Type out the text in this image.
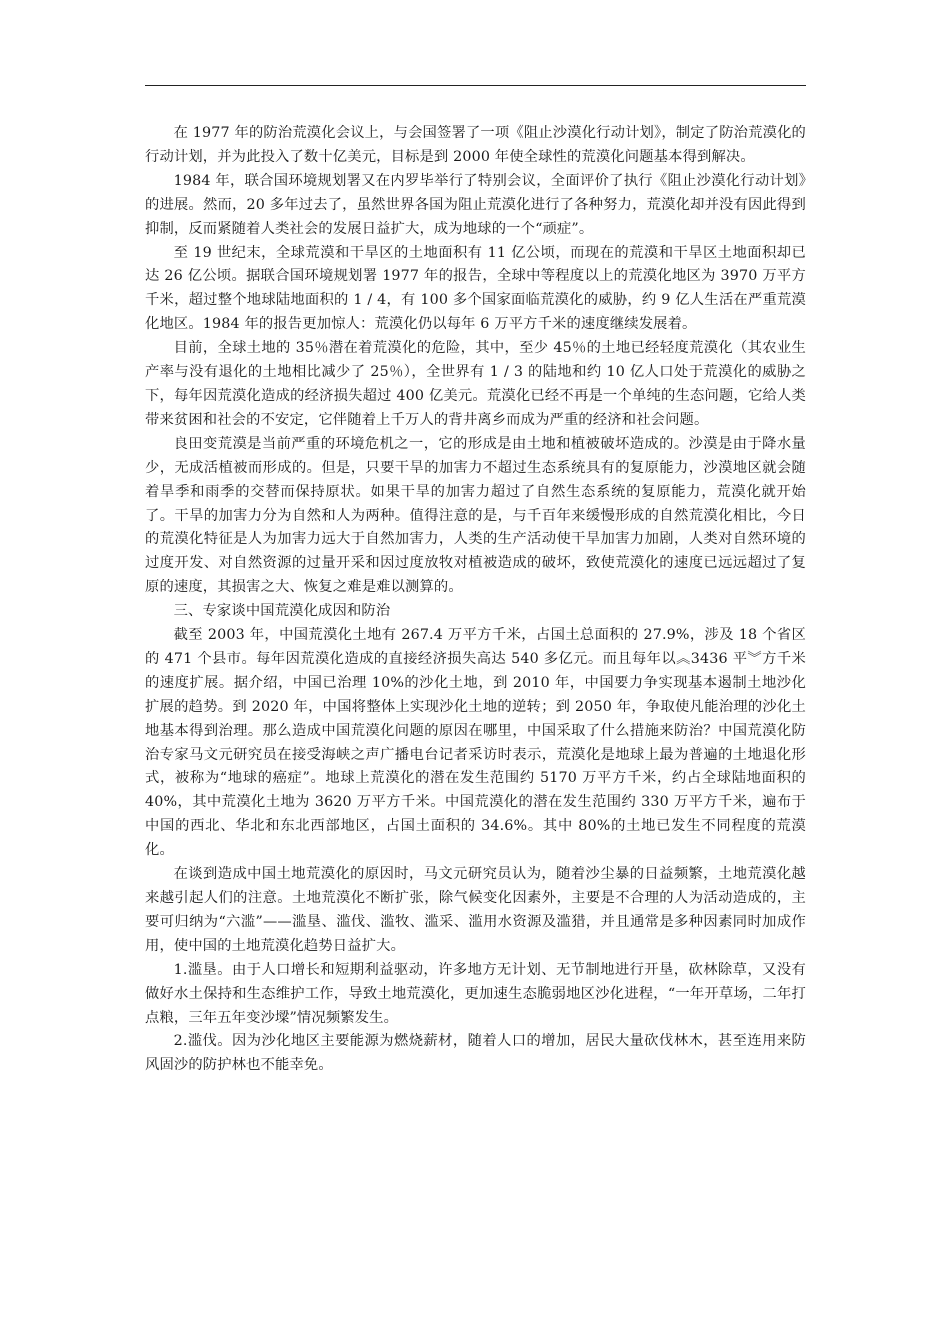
在 1977 年的防治荒漠化会议上，与会国签署了一项《阻止沙漠化行动计划》，制定了防治荒漠化的行动计划，并为此投入了数十亿美元，目标是到 2000 年使全球性的荒漠化问题基本得到解决。

1984 年，联合国环境规划署又在内罗毕举行了特别会议，全面评价了执行《阻止沙漠化行动计划》的进展。然而，20 多年过去了，虽然世界各国为阻止荒漠化进行了各种努力，荒漠化却并没有因此得到抑制，反而紧随着人类社会的发展日益扩大，成为地球的一个“顽症”。

至 19 世纪末，全球荒漠和干旱区的土地面积有 11 亿公顷，而现在的荒漠和干旱区土地面积却已达 26 亿公顷。据联合国环境规划署 1977 年的报告，全球中等程度以上的荒漠化地区为 3970 万平方千米，超过整个地球陆地面积的 1 / 4，有 100 多个国家面临荒漠化的威胁，约 9 亿人生活在严重荒漠化地区。1984 年的报告更加惊人：荒漠化仍以每年 6 万平方千米的速度继续发展着。

目前，全球土地的 35％潜在着荒漠化的危险，其中，至少 45％的土地已经轻度荒漠化（其农业生产率与没有退化的土地相比减少了 25％），全世界有 1 / 3 的陆地和约 10 亿人口处于荒漠化的威胁之下，每年因荒漠化造成的经济损失超过 400 亿美元。荒漠化已经不再是一个单纯的生态问题，它给人类带来贫困和社会的不安定，它伴随着上千万人的背井离乡而成为严重的经济和社会问题。

良田变荒漠是当前严重的环境危机之一，它的形成是由土地和植被破坏造成的。沙漠是由于降水量少，无成活植被而形成的。但是，只要干旱的加害力不超过生态系统具有的复原能力，沙漠地区就会随着旱季和雨季的交替而保持原状。如果干旱的加害力超过了自然生态系统的复原能力，荒漠化就开始了。干旱的加害力分为自然和人为两种。值得注意的是，与千百年来缓慢形成的自然荒漠化相比，今日的荒漠化特征是人为加害力远大于自然加害力，人类的生产活动使干旱加害力加剧，人类对自然环境的过度开发、对自然资源的过量开采和因过度放牧对植被造成的破坏，致使荒漠化的速度已远远超过了复原的速度，其损害之大、恢复之难是难以测算的。

三、专家谈中国荒漠化成因和防治

截至 2003 年，中国荒漠化土地有 267.4 万平方千米，占国土总面积的 27.9%，涉及 18 个省区的 471 个县市。每年因荒漠化造成的直接经济损失高达 540 多亿元。而且每年以︽3436 平︾方千米的速度扩展。据介绍，中国已治理 10%的沙化土地，到 2010 年，中国要力争实现基本遏制土地沙化扩展的趋势。到 2020 年，中国将整体上实现沙化土地的逆转；到 2050 年，争取使凡能治理的沙化土地基本得到治理。那么造成中国荒漠化问题的原因在哪里，中国采取了什么措施来防治？中国荒漠化防治专家马文元研究员在接受海峡之声广播电台记者采访时表示，荒漠化是地球上最为普遍的土地退化形式，被称为“地球的癌症”。地球上荒漠化的潜在发生范围约 5170 万平方千米，约占全球陆地面积的 40%，其中荒漠化土地为 3620 万平方千米。中国荒漠化的潜在发生范围约 330 万平方千米，遍布于中国的西北、华北和东北西部地区，占国土面积的 34.6%。其中 80%的土地已发生不同程度的荒漠化。

在谈到造成中国土地荒漠化的原因时，马文元研究员认为，随着沙尘暴的日益频繁，土地荒漠化越来越引起人们的注意。土地荒漠化不断扩张，除气候变化因素外，主要是不合理的人为活动造成的，主要可归纳为“六滥”——滥垦、滥伐、滥牧、滥采、滥用水资源及滥猎，并且通常是多种因素同时加成作用，使中国的土地荒漠化趋势日益扩大。

1.滥垦。由于人口增长和短期利益驱动，许多地方无计划、无节制地进行开垦，砍林除草，又没有做好水土保持和生态维护工作，导致土地荒漠化，更加速生态脆弱地区沙化进程，“一年开草场，二年打点粮，三年五年变沙墚”情况频繁发生。

2.滥伐。因为沙化地区主要能源为燃烧薪材，随着人口的增加，居民大量砍伐林木，甚至连用来防风固沙的防护林也不能幸免。
